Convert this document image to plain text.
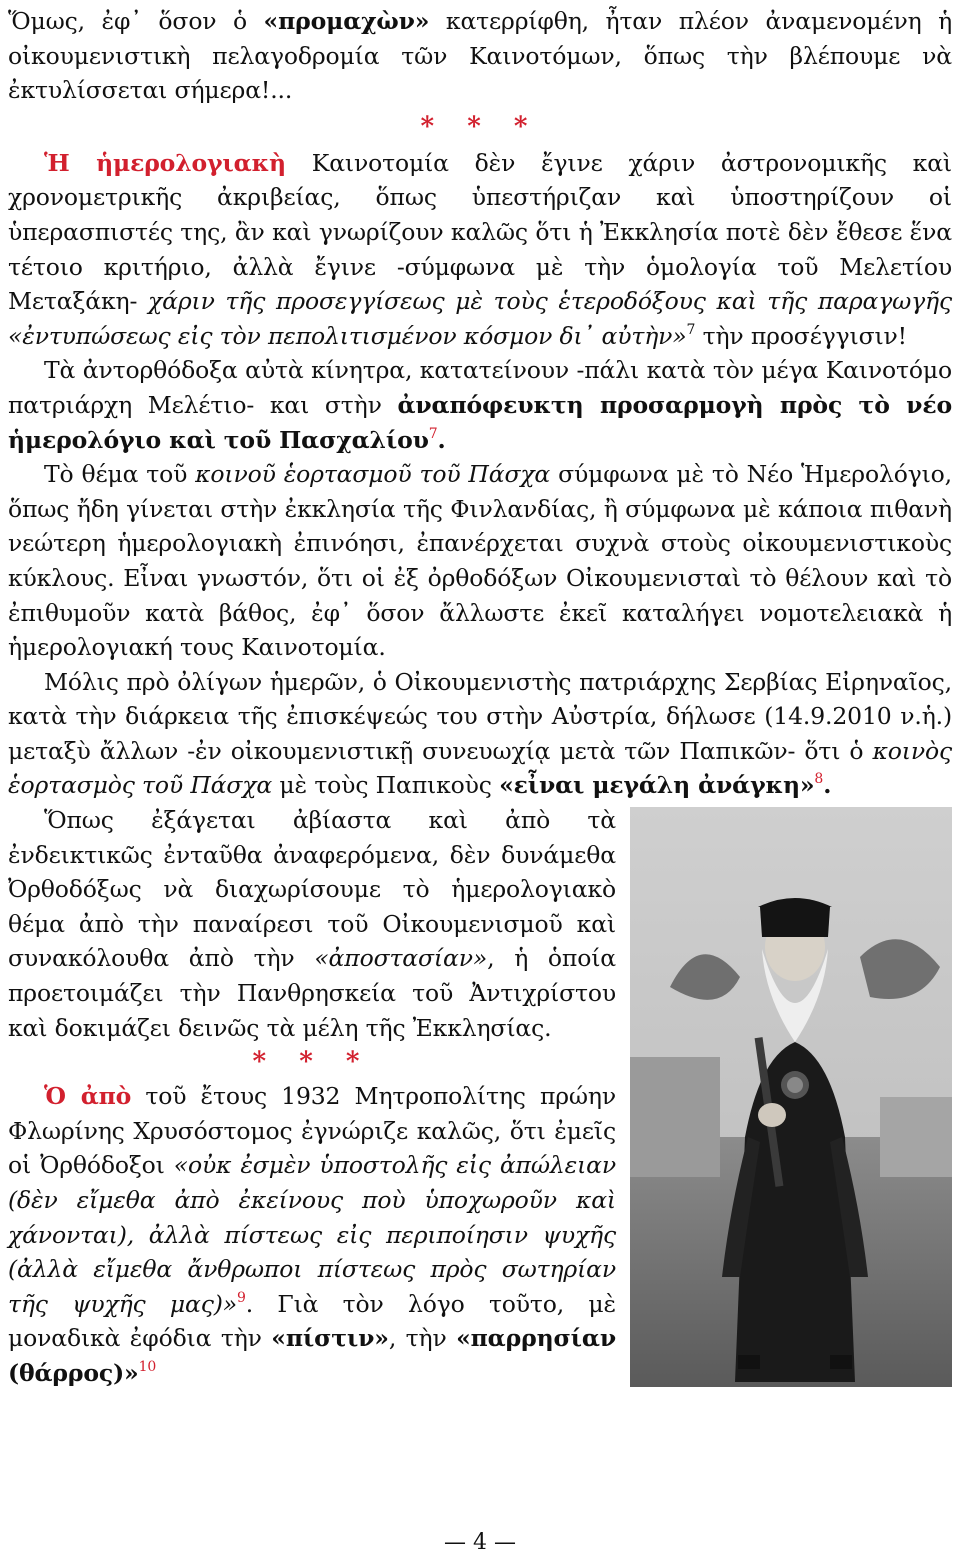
Ὅμως, ἐφ᾽ ὅσον ὁ «προμαχὼν» κατερρίφθη, ἦταν πλέον ἀναμενομένη ἡ οἰκουμενιστικὴ πελαγοδρομία τῶν Καινοτόμων, ὅπως τὴν βλέπουμε νὰ ἐκτυλίσσεται σήμερα!...

* * *

Ἡ ἡμερολογιακὴ Καινοτομία δὲν ἔγινε χάριν ἀστρονομικῆς καὶ χρονομετρικῆς ἀκριβείας, ὅπως ὑπεστήριζαν καὶ ὑποστηρίζουν οἱ ὑπερασπιστές της, ἂν καὶ γνωρίζουν καλῶς ὅτι ἡ Ἐκκλησία ποτὲ δὲν ἔθεσε ἕνα τέτοιο κριτήριο, ἀλλὰ ἔγινε -σύμφωνα μὲ τὴν ὁμολογία τοῦ Μελετίου Μεταξάκη- χάριν τῆς προσεγγίσεως μὲ τοὺς ἑτεροδόξους καὶ τῆς παραγωγῆς «ἐντυπώσεως εἰς τὸν πεπολιτισμένον κόσμον δι᾽ αὐτὴν»$^7$ τὴν προσέγγισιν!

Τὰ ἀντορθόδοξα αὐτὰ κίνητρα, κατατείνουν -πάλι κατὰ τὸν μέγα Καινοτόμο πατριάρχη Μελέτιο- και στὴν ἀναπόφευκτη προσαρμογὴ πρὸς τὸ νέο ἡμερολόγιο καὶ τοῦ Πασχαλίου$^7$.

Τὸ θέμα τοῦ κοινοῦ ἑορτασμοῦ τοῦ Πάσχα σύμφωνα μὲ τὸ Νέο Ἡμερολόγιο, ὅπως ἤδη γίνεται στὴν ἐκκλησία τῆς Φινλανδίας, ἢ σύμφωνα μὲ κάποια πιθανὴ νεώτερη ἡμερολογιακὴ ἐπινόησι, ἐπανέρχεται συχνὰ στοὺς οἰκουμενιστικοὺς κύκλους. Εἶναι γνωστόν, ὅτι οἱ ἐξ ὀρθοδόξων Οἰκουμενισταὶ τὸ θέλουν καὶ τὸ ἐπιθυμοῦν κατὰ βάθος, ἐφ᾽ ὅσον ἄλλωστε ἐκεῖ καταλήγει νομοτελειακὰ ἡ ἡμερολογιακή τους Καινοτομία.

Μόλις πρὸ ὀλίγων ἡμερῶν, ὁ Οἰκουμενιστὴς πατριάρχης Σερβίας Εἰρηναῖος, κατὰ τὴν διάρκεια τῆς ἐπισκέψεώς του στὴν Αὐστρία, δήλωσε (14.9.2010 ν.ἡ.) μεταξὺ ἄλλων -ἐν οἰκουμενιστικῇ συνευωχίᾳ μετὰ τῶν Παπικῶν- ὅτι ὁ κοινὸς ἑορτασμὸς τοῦ Πάσχα μὲ τοὺς Παπικοὺς «εἶναι μεγάλη ἀνάγκη»$^8$.

Ὅπως ἐξάγεται ἀβίαστα καὶ ἀπὸ τὰ ἐνδεικτικῶς ἐνταῦθα ἀναφερόμενα, δὲν δυνάμεθα Ὀρθοδόξως νὰ διαχωρίσουμε τὸ ἡμερολογιακὸ θέμα ἀπὸ τὴν παναίρεσι τοῦ Οἰκουμενισμοῦ καὶ συνακόλουθα ἀπὸ τὴν «ἀποστασίαν», ἡ ὁποία προετοιμάζει τὴν Πανθρησκεία τοῦ Ἀντιχρίστου καὶ δοκιμάζει δεινῶς τὰ μέλη τῆς Ἐκκλησίας.

* * *

Ὁ ἀπὸ τοῦ ἔτους 1932 Μητροπολίτης πρώην Φλωρίνης Χρυσόστομος ἐγνώριζε καλῶς, ὅτι ἐμεῖς οἱ Ὀρθόδοξοι «οὐκ ἐσμὲν ὑποστολῆς εἰς ἀπώλειαν (δὲν εἴμεθα ἀπὸ ἐκείνους ποὺ ὑποχωροῦν καὶ χάνονται), ἀλλὰ πίστεως εἰς περιποίησιν ψυχῆς (ἀλλὰ εἴμεθα ἄνθρωποι πίστεως πρὸς σωτηρίαν τῆς ψυχῆς μας)»$^9$. Γιὰ τὸν λόγο τοῦτο, μὲ μοναδικὰ ἐφόδια τὴν «πίστιν», τὴν «παρρησίαν (θάρρος)»$^{10}$

— 4 —
